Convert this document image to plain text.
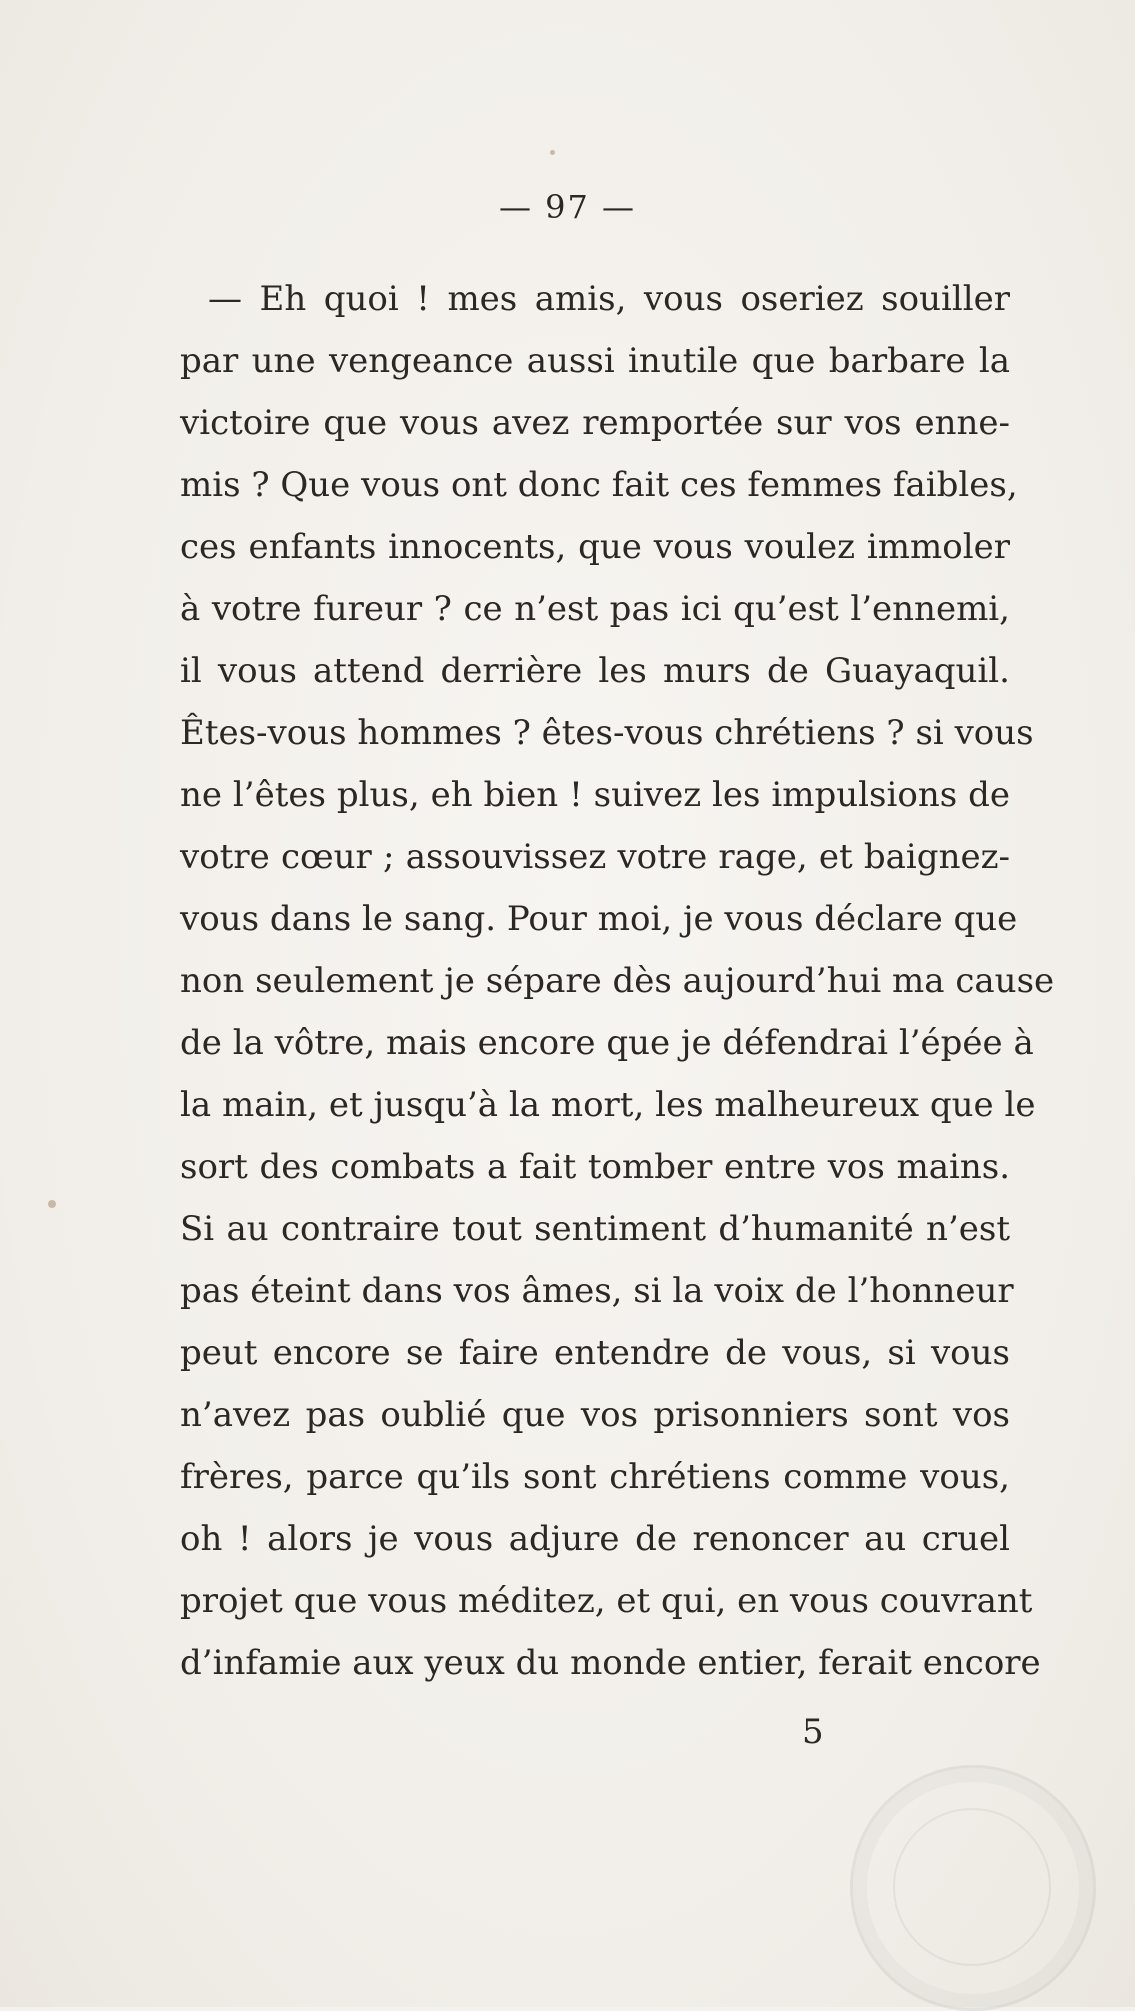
— 97 —
— Eh quoi ! mes amis, vous oseriez souiller
par une vengeance aussi inutile que barbare la
victoire que vous avez remportée sur vos enne-
mis ? Que vous ont donc fait ces femmes faibles,
ces enfants innocents, que vous voulez immoler
à votre fureur ? ce n’est pas ici qu’est l’ennemi,
il vous attend derrière les murs de Guayaquil.
Êtes-vous hommes ? êtes-vous chrétiens ? si vous
ne l’êtes plus, eh bien ! suivez les impulsions de
votre cœur ; assouvissez votre rage, et baignez-
vous dans le sang. Pour moi, je vous déclare que
non seulement je sépare dès aujourd’hui ma cause
de la vôtre, mais encore que je défendrai l’épée à
la main, et jusqu’à la mort, les malheureux que le
sort des combats a fait tomber entre vos mains.
Si au contraire tout sentiment d’humanité n’est
pas éteint dans vos âmes, si la voix de l’honneur
peut encore se faire entendre de vous, si vous
n’avez pas oublié que vos prisonniers sont vos
frères, parce qu’ils sont chrétiens comme vous,
oh ! alors je vous adjure de renoncer au cruel
projet que vous méditez, et qui, en vous couvrant
d’infamie aux yeux du monde entier, ferait encore
5
